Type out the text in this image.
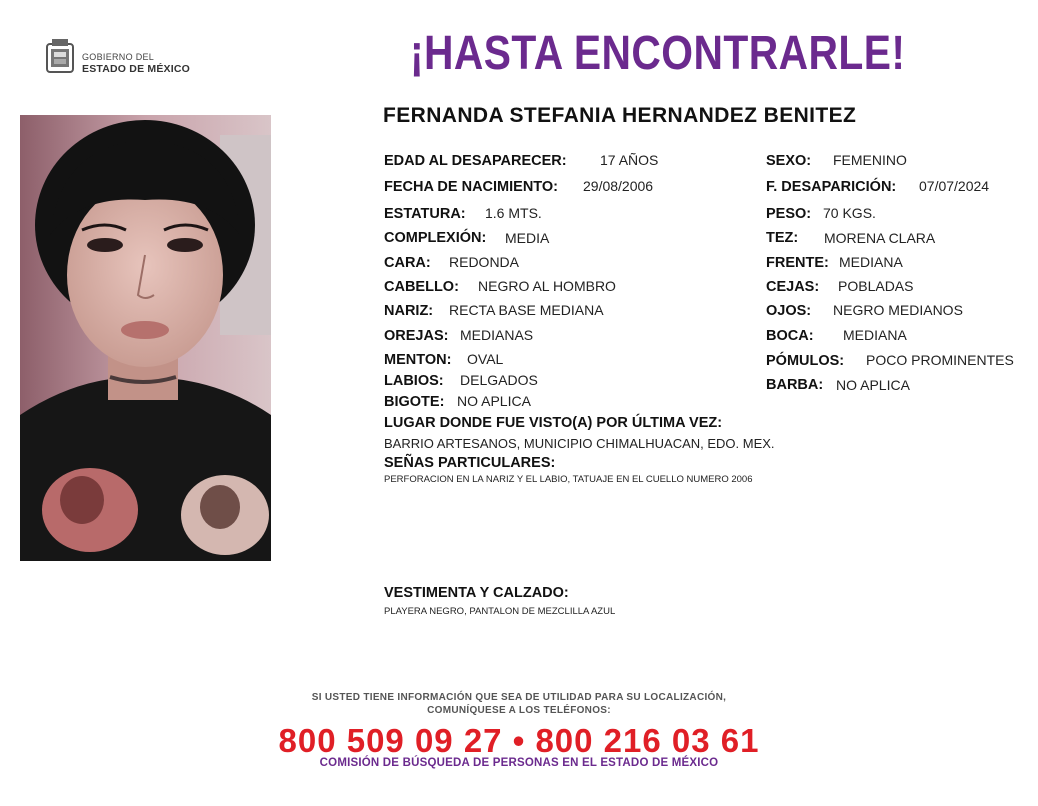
GOBIERNO DEL
ESTADO DE MÉXICO	¡HASTA ENCONTRARLE!
FERNANDA STEFANIA HERNANDEZ BENITEZ
EDAD AL DESAPARECER: 17 AÑOS
FECHA DE NACIMIENTO: 29/08/2006
ESTATURA: 1.6 MTS.
COMPLEXIÓN: MEDIA
CARA: REDONDA
CABELLO: NEGRO AL HOMBRO
NARIZ: RECTA BASE MEDIANA
OREJAS: MEDIANAS
MENTON: OVAL
LABIOS: DELGADOS
BIGOTE: NO APLICA
SEXO: FEMENINO
F. DESAPARICIÓN: 07/07/2024
PESO: 70 KGS.
TEZ: MORENA CLARA
FRENTE: MEDIANA
CEJAS: POBLADAS
OJOS: NEGRO MEDIANOS
BOCA: MEDIANA
PÓMULOS: POCO PROMINENTES
BARBA: NO APLICA
LUGAR DONDE FUE VISTO(A) POR ÚLTIMA VEZ:
BARRIO ARTESANOS, MUNICIPIO CHIMALHUACAN, EDO. MEX.
SEÑAS PARTICULARES:
PERFORACION EN LA NARIZ Y EL LABIO, TATUAJE EN EL CUELLO NUMERO 2006
VESTIMENTA Y CALZADO:
PLAYERA NEGRO, PANTALON DE MEZCLILLA AZUL
SI USTED TIENE INFORMACIÓN QUE SEA DE UTILIDAD PARA SU LOCALIZACIÓN,
COMUNÍQUESE A LOS TELÉFONOS:
800 509 09 27 • 800 216 03 61
COMISIÓN DE BÚSQUEDA DE PERSONAS EN EL ESTADO DE MÉXICO
